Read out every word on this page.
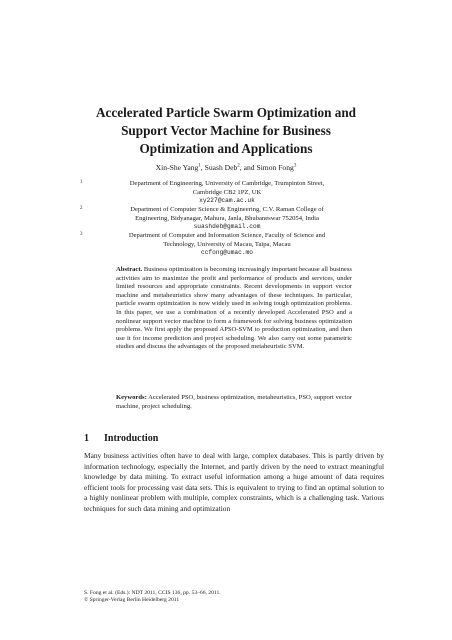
Accelerated Particle Swarm Optimization and
Support Vector Machine for Business
Optimization and Applications
Xin-She Yang$^1$, Suash Deb$^2$, and Simon Fong$^3$
1	Department of Engineering, University of Cambridge, Trumpinton Street,
Cambridge CB2 1PZ, UK
xy227@cam.ac.uk
2	Department of Computer Science & Engineering, C.V. Raman College of
Engineering, Bidyanagar, Mahura, Janla, Bhubaneswar 752054, India
suashdeb@gmail.com
3	Department of Computer and Information Science, Faculty of Science and
Technology, University of Macau, Taipa, Macau
ccfong@umac.mo
Abstract. Business optimization is becoming increasingly important because all business activities aim to maximize the profit and performance of products and services, under limited resources and appropriate constraints. Recent developments in support vector machine and metaheuristics show many advantages of these techniques. In particular, particle swarm optimization is now widely used in solving tough optimization problems. In this paper, we use a combination of a recently developed Accelerated PSO and a nonlinear support vector machine to form a framework for solving business optimization problems. We first apply the proposed APSO-SVM to production optimization, and then use it for income prediction and project scheduling. We also carry out some parametric studies and discuss the advantages of the proposed metaheuristic SVM.
Keywords: Accelerated PSO, business optimization, metaheuristics, PSO, support vector machine, project scheduling.
1 Introduction
Many business activities often have to deal with large, complex databases. This is partly driven by information technology, especially the Internet, and partly driven by the need to extract meaningful knowledge by data mining. To extract useful information among a huge amount of data requires efficient tools for processing vast data sets. This is equivalent to trying to find an optimal solution to a highly nonlinear problem with multiple, complex constraints, which is a challenging task. Various techniques for such data mining and optimization
S. Fong et al. (Eds.): NDT 2011, CCIS 136, pp. 53–66, 2011.
© Springer-Verlag Berlin Heidelberg 2011
